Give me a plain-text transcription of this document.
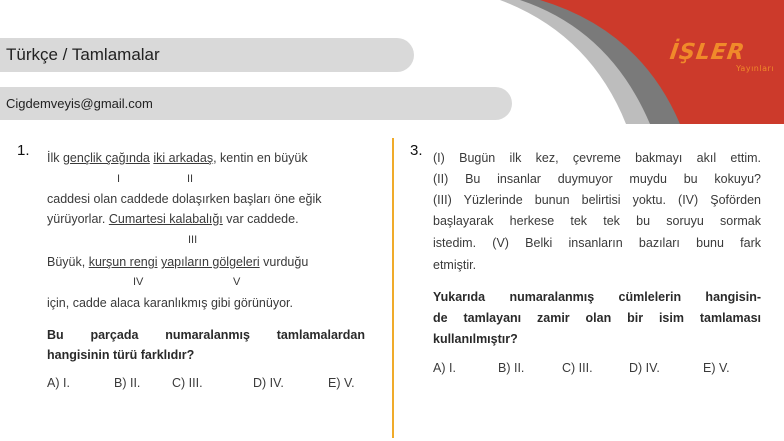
Türkçe / Tamlamalar
Cigdemveyis@gmail.com
İŞLER
Yayınları
1. İlk gençlik çağında iki arkadaş, kentin en büyük
I	II
caddesi olan caddede dolaşırken başları öne eğik
yürüyorlar. Cumartesi kalabalığı var caddede.
III
Büyük, kurşun rengi yapıların gölgeleri vurduğu
IV	V
için, cadde alaca karanlıkmış gibi görünüyor.
Bu parçada numaralanmış tamlamalardan
hangisinin türü farklıdır?
A) I.	B) II.	C) III.	D) IV.	E) V.
3. (I) Bugün ilk kez, çevreme bakmayı akıl ettim.
(II) Bu insanlar duymuyor muydu bu kokuyu?
(III) Yüzlerinde bunun belirtisi yoktu. (IV) Şoförden
başlayarak herkese tek tek bu soruyu sormak
istedim. (V) Belki insanların bazıları bunu fark
etmiştir.
Yukarıda numaralanmış cümlelerin hangisin-
de tamlayanı zamir olan bir isim tamlaması
kullanılmıştır?
A) I.	B) II.	C) III.	D) IV.	E) V.
